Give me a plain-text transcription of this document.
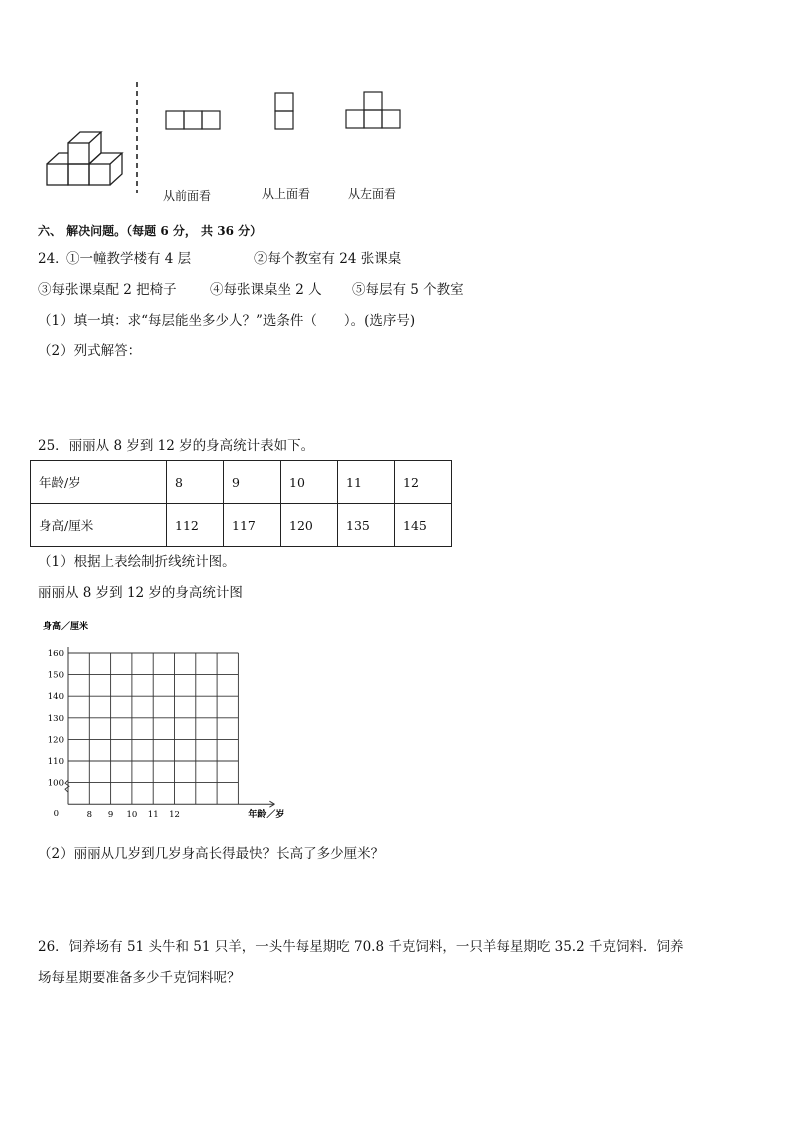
从前面看	从上面看	从左面看
六、 解决问题。（每题 6 分， 共 36 分）
24．
①一幢教学楼有 4 层	②每个教室有 24 张课桌
③每张课桌配 2 把椅子 ④每张课桌坐 2 人 ⑤每层有 5 个教室
（1）填一填：求“每层能坐多少人？”选条件（　　）。(选序号)
（2）列式解答：
25．丽丽从 8 岁到 12 岁的身高统计表如下。
年龄/岁	8	9	10	11	12
身高/厘米	112	117	120	135	145
（1）根据上表绘制折线统计图。
丽丽从 8 岁到 12 岁的身高统计图
身高／厘米
160
150
140
130
120
110
100
0	8 9 10 11 12	年龄／岁
（2）丽丽从几岁到几岁身高长得最快？长高了多少厘米？
26．饲养场有 51 头牛和 51 只羊，一头牛每星期吃 70.8 千克饲料，一只羊每星期吃 35.2 千克饲料．饲养
场每星期要准备多少千克饲料呢？
